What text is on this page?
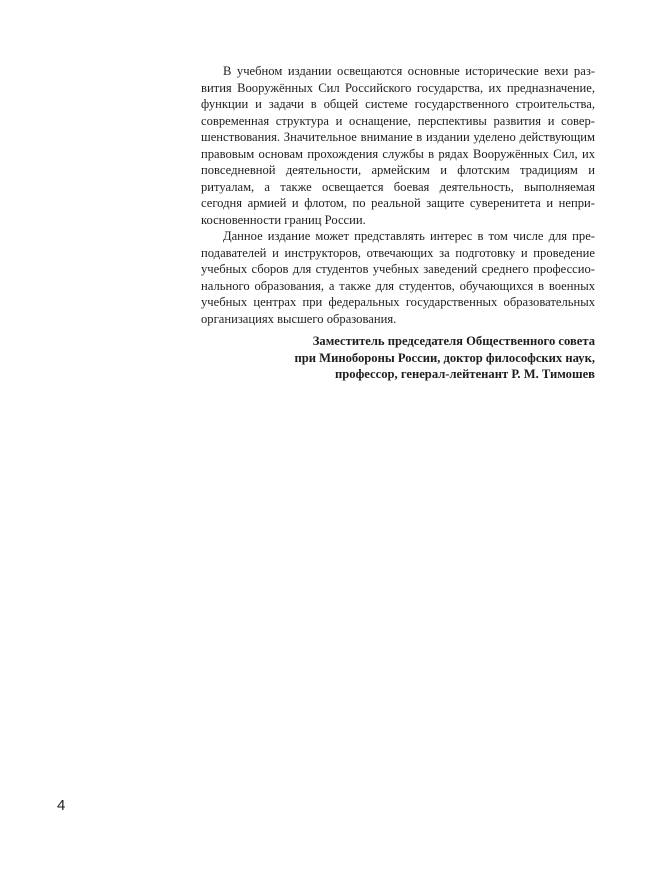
В учебном издании освещаются основные исторические вехи развития Вооружённых Сил Российского государства, их предназначение, функции и задачи в общей системе государственного строительства, современная структура и оснащение, перспективы развития и совершенствования. Значительное внимание в издании уделено действующим правовым основам прохождения службы в рядах Вооружённых Сил, их повседневной деятельности, армейским и флотским традициям и ритуалам, а также освещается боевая деятельность, выполняемая сегодня армией и флотом, по реальной защите суверенитета и неприкосновенности границ России.

Данное издание может представлять интерес в том числе для преподавателей и инструкторов, отвечающих за подготовку и проведение учебных сборов для студентов учебных заведений среднего профессионального образования, а также для студентов, обучающихся в военных учебных центрах при федеральных государственных образовательных организациях высшего образования.

Заместитель председателя Общественного совета
при Минобороны России, доктор философских наук,
профессор, генерал-лейтенант Р. М. Тимошев

4
